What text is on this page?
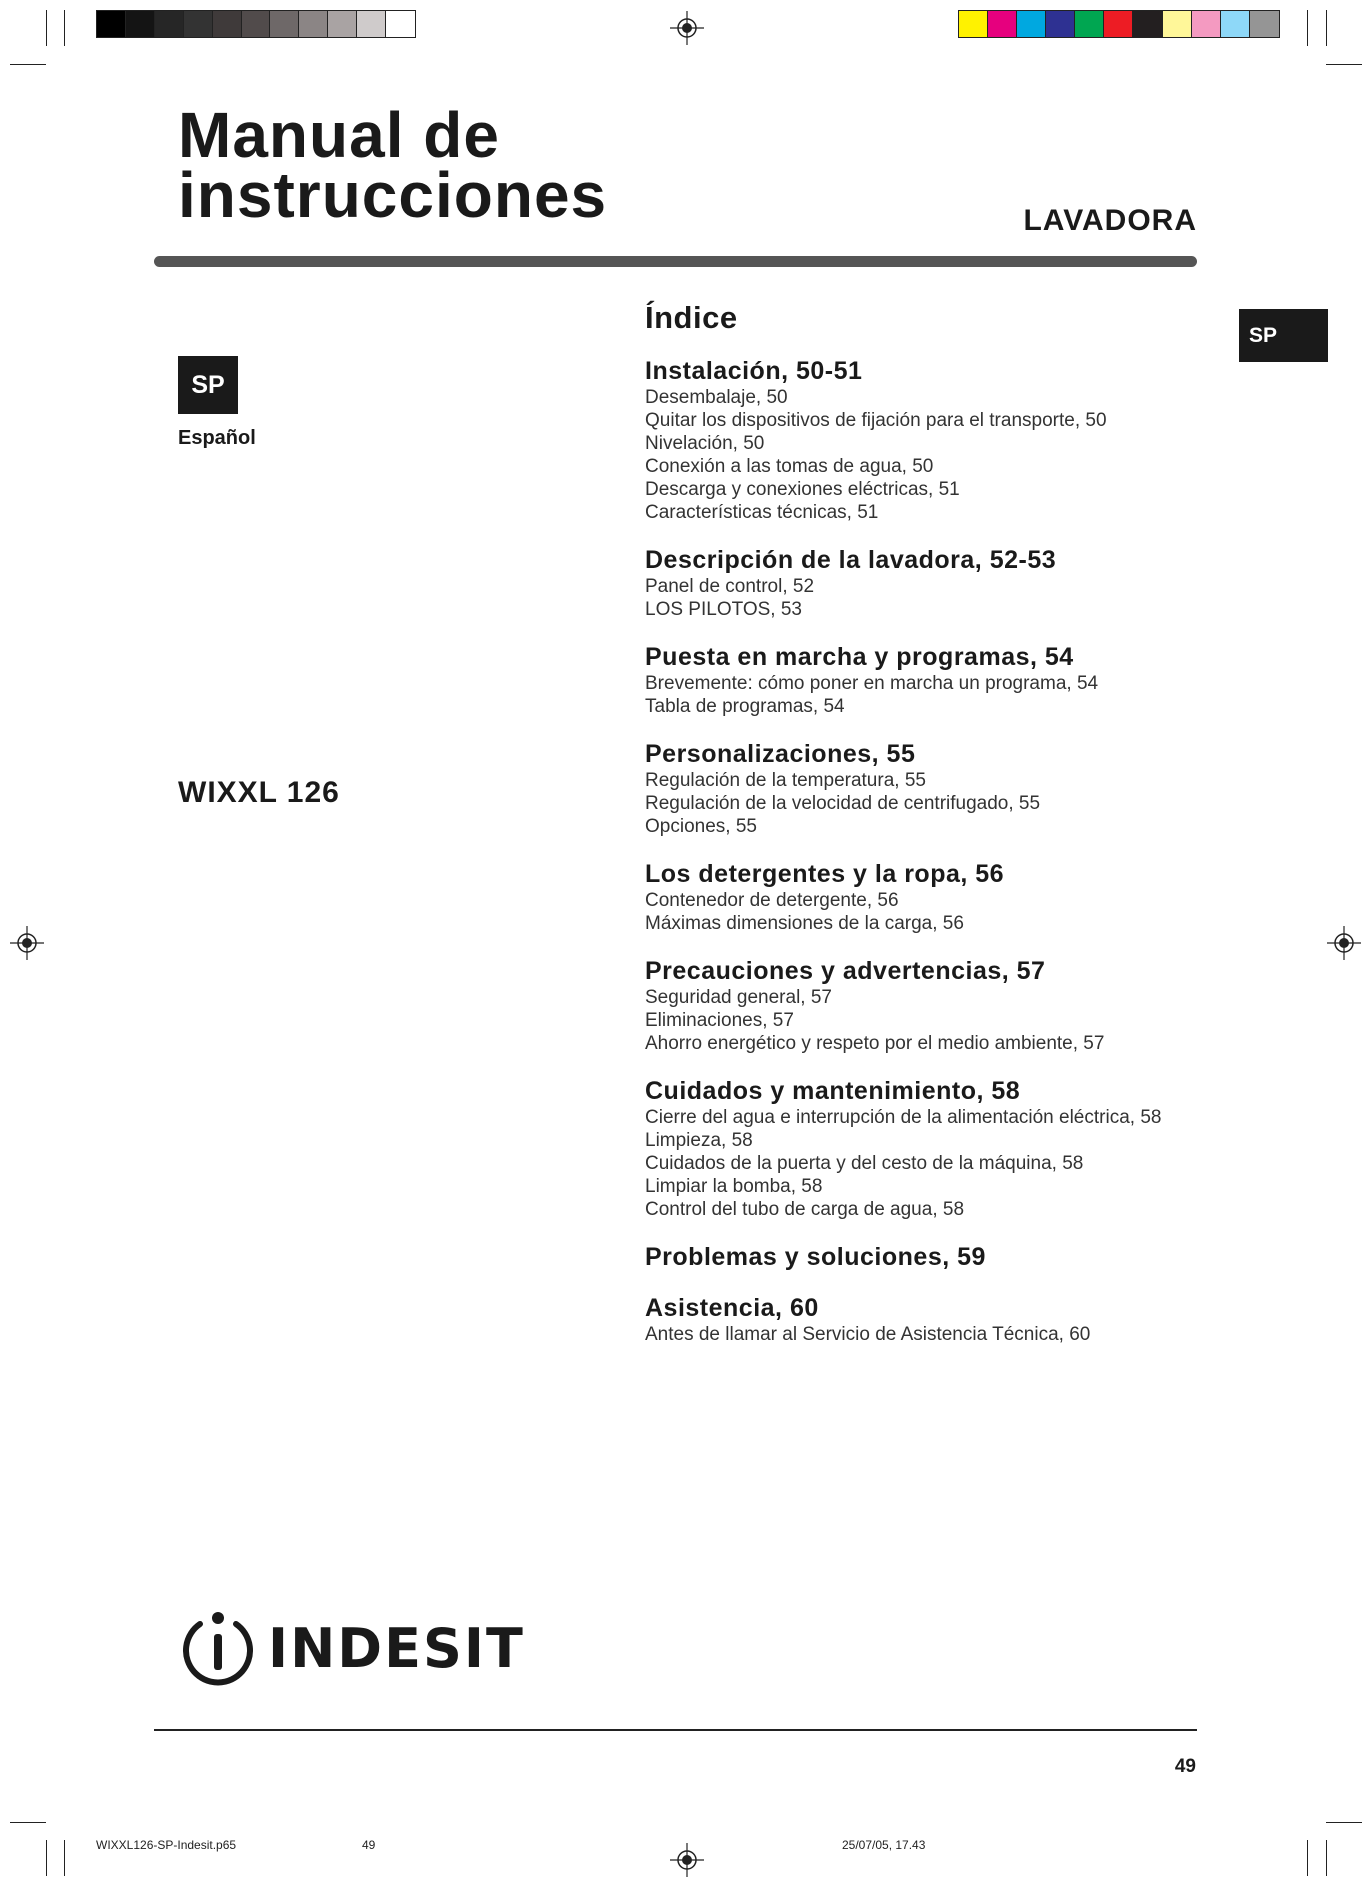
Manual de
instrucciones	LAVADORA
SP
Español
WIXXL 126
SP
Índice
Instalación, 50-51
Desembalaje, 50
Quitar los dispositivos de fijación para el transporte, 50
Nivelación, 50
Conexión a las tomas de agua, 50
Descarga y conexiones eléctricas, 51
Características técnicas, 51
Descripción de la lavadora, 52-53
Panel de control, 52
LOS PILOTOS, 53
Puesta en marcha y programas, 54
Brevemente: cómo poner en marcha un programa, 54
Tabla de programas, 54
Personalizaciones, 55
Regulación de la temperatura, 55
Regulación de la velocidad de centrifugado, 55
Opciones, 55
Los detergentes y la ropa, 56
Contenedor de detergente, 56
Máximas dimensiones de la carga, 56
Precauciones y advertencias, 57
Seguridad general, 57
Eliminaciones, 57
Ahorro energético y respeto por el medio ambiente, 57
Cuidados y mantenimiento, 58
Cierre del agua e interrupción de la alimentación eléctrica, 58
Limpieza, 58
Cuidados de la puerta y del cesto de la máquina, 58
Limpiar la bomba, 58
Control del tubo de carga de agua, 58
Problemas y soluciones, 59
Asistencia, 60
Antes de llamar al Servicio de Asistencia Técnica, 60
INDESIT
49
WIXXL126-SP-Indesit.p65	49	25/07/05, 17.43
